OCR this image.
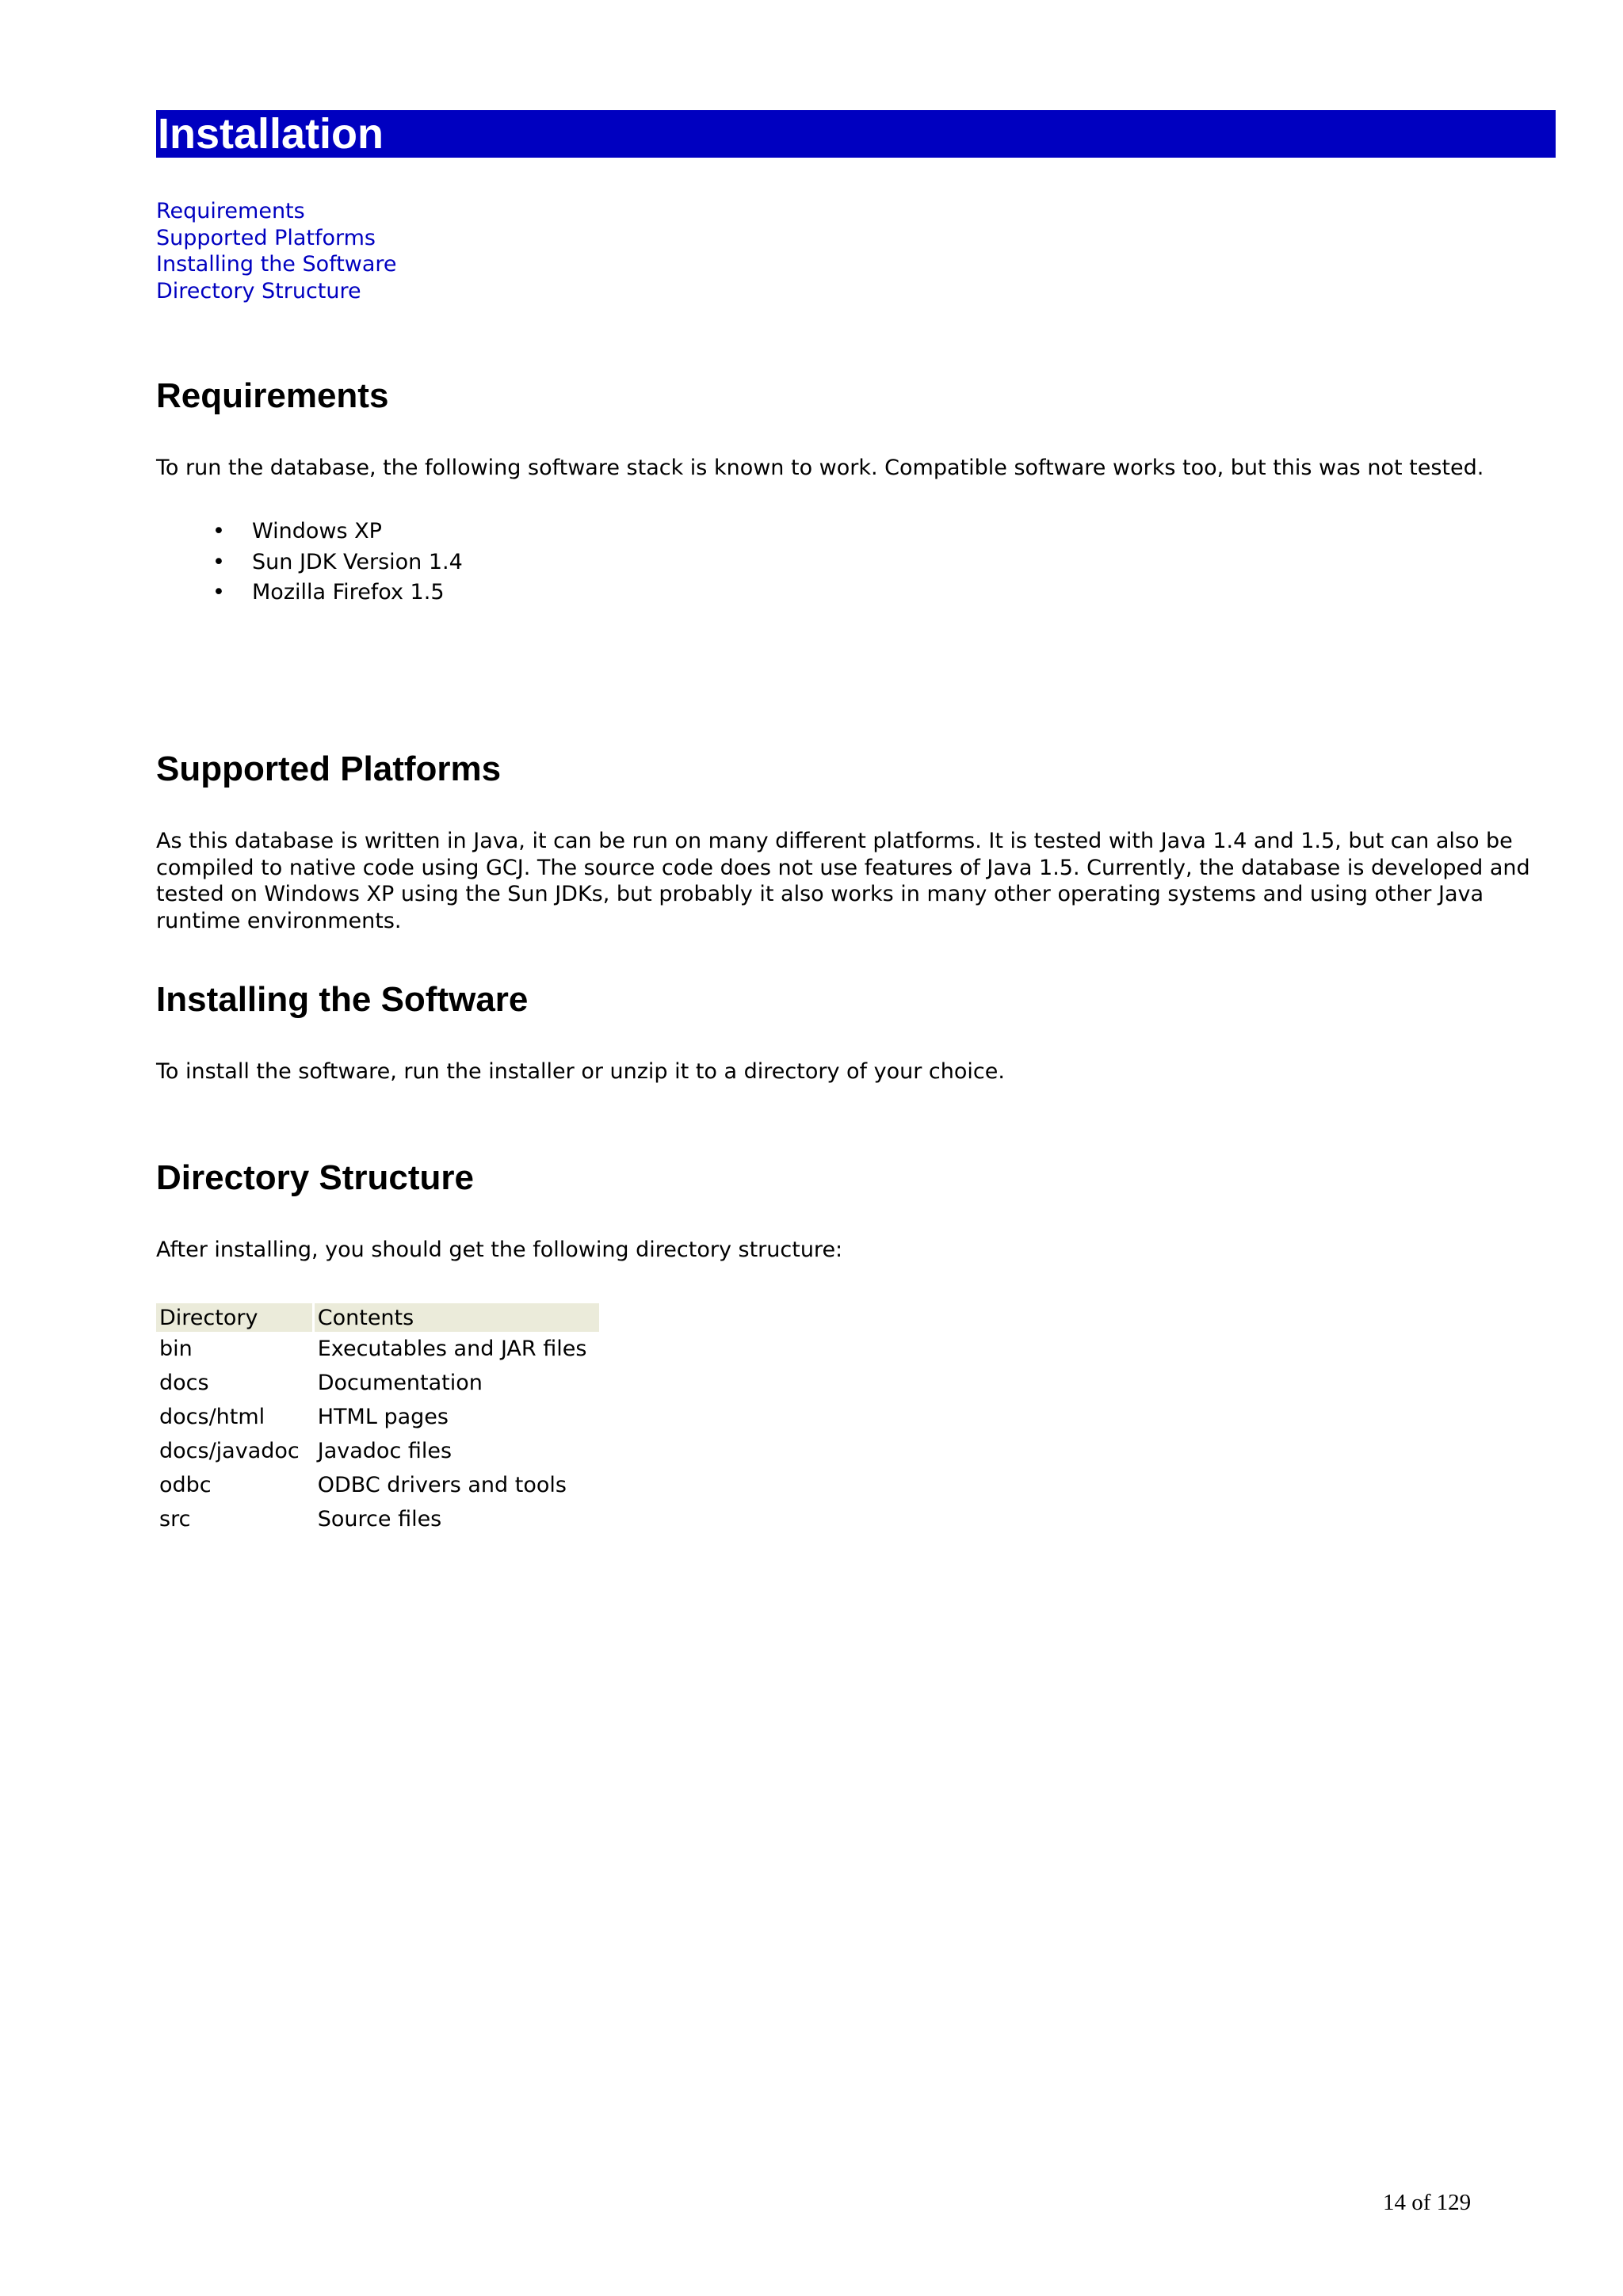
Installation
Requirements
Supported Platforms
Installing the Software
Directory Structure
Requirements

To run the database, the following software stack is known to work. Compatible software works too, but this was not tested.

• Windows XP
• Sun JDK Version 1.4
• Mozilla Firefox 1.5
Supported Platforms

As this database is written in Java, it can be run on many different platforms. It is tested with Java 1.4 and 1.5, but can also be compiled to native code using GCJ. The source code does not use features of Java 1.5. Currently, the database is developed and tested on Windows XP using the Sun JDKs, but probably it also works in many other operating systems and using other Java runtime environments.

Installing the Software

To install the software, run the installer or unzip it to a directory of your choice.

Directory Structure

After installing, you should get the following directory structure:

Directory	Contents
bin	Executables and JAR files
docs	Documentation
docs/html	HTML pages
docs/javadoc	Javadoc files
odbc	ODBC drivers and tools
src	Source files
14 of 129
